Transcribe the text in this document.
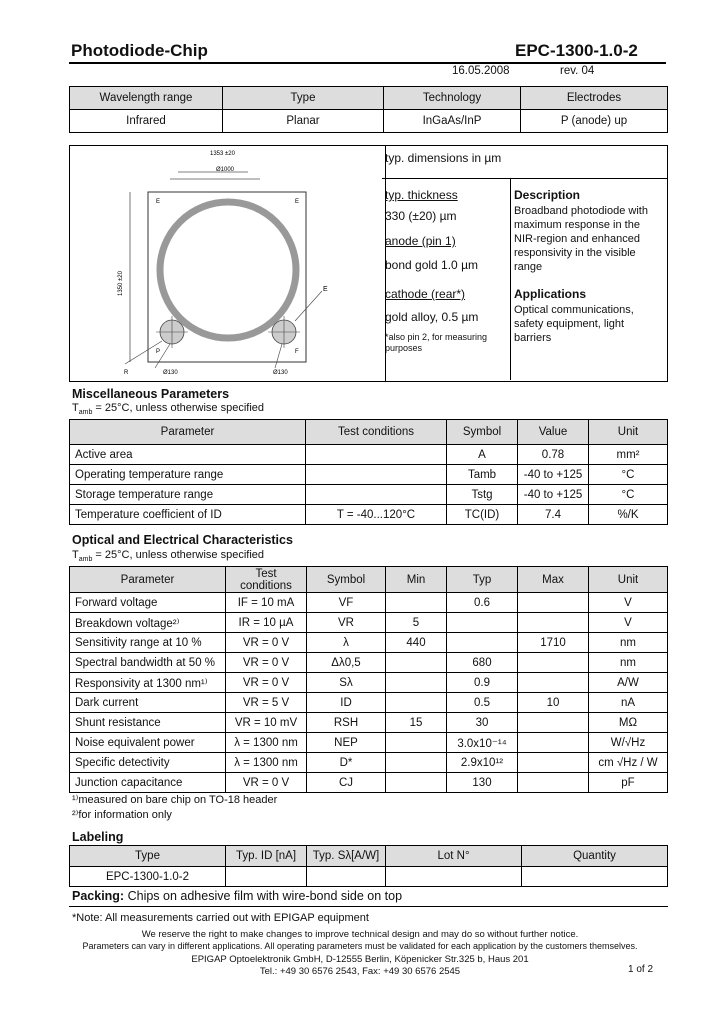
Photodiode-Chip	EPC-1300-1.0-2
16.05.2008	rev. 04
Wavelength range	Type	Technology	Electrodes
Infrared	Planar	InGaAs/InP	P (anode) up
1353 ±20
Ø1000
1350 ±20
E	E
P	F
E
R	Ø130	Ø130
typ. dimensions in µm
typ. thickness
330 (±20) µm
anode (pin 1)
bond gold 1.0 µm
cathode (rear*)
gold alloy, 0.5 µm
*also pin 2, for measuring purposes
Description
Broadband photodiode with maximum response in the NIR-region and enhanced responsivity in the visible range
Applications
Optical communications, safety equipment, light barriers
Miscellaneous Parameters
$T_{amb} = 25^\circ C$, unless otherwise specified
Parameter	Test conditions	Symbol	Value	Unit
Active area		A	0.78	mm²
Operating temperature range		Tamb	-40 to +125	°C
Storage temperature range		Tstg	-40 to +125	°C
Temperature coefficient of ID	T = -40...120°C	TC(ID)	7.4	%/K
Optical and Electrical Characteristics
$T_{amb} = 25^\circ C$, unless otherwise specified
Parameter	Test conditions	Symbol	Min	Typ	Max	Unit
Forward voltage	IF = 10 mA	VF		0.6		V
Breakdown voltage²⁾	IR = 10 µA	VR	5			V
Sensitivity range at 10 %	VR = 0 V	λ	440		1710	nm
Spectral bandwidth at 50 %	VR = 0 V	Δλ0,5		680		nm
Responsivity at 1300 nm¹⁾	VR = 0 V	Sλ		0.9		A/W
Dark current	VR = 5 V	ID		0.5	10	nA
Shunt resistance	VR = 10 mV	RSH	15	30		MΩ
Noise equivalent power	λ = 1300 nm	NEP		3.0x10⁻¹⁴		W/√Hz
Specific detectivity	λ = 1300 nm	D*		2.9x10¹²		cm √Hz / W
Junction capacitance	VR = 0 V	CJ		130		pF
¹⁾measured on bare chip on TO-18 header
²⁾for information only
Labeling
Type	Typ. ID [nA]	Typ. Sλ[A/W]	Lot N°	Quantity
EPC-1300-1.0-2				
Packing: Chips on adhesive film with wire-bond side on top
*Note: All measurements carried out with EPIGAP equipment
We reserve the right to make changes to improve technical design and may do so without further notice.
Parameters can vary in different applications. All operating parameters must be validated for each application by the customers themselves.
EPIGAP Optoelektronik GmbH, D-12555 Berlin, Köpenicker Str.325 b, Haus 201
Tel.: +49 30 6576 2543, Fax: +49 30 6576 2545	1 of 2
